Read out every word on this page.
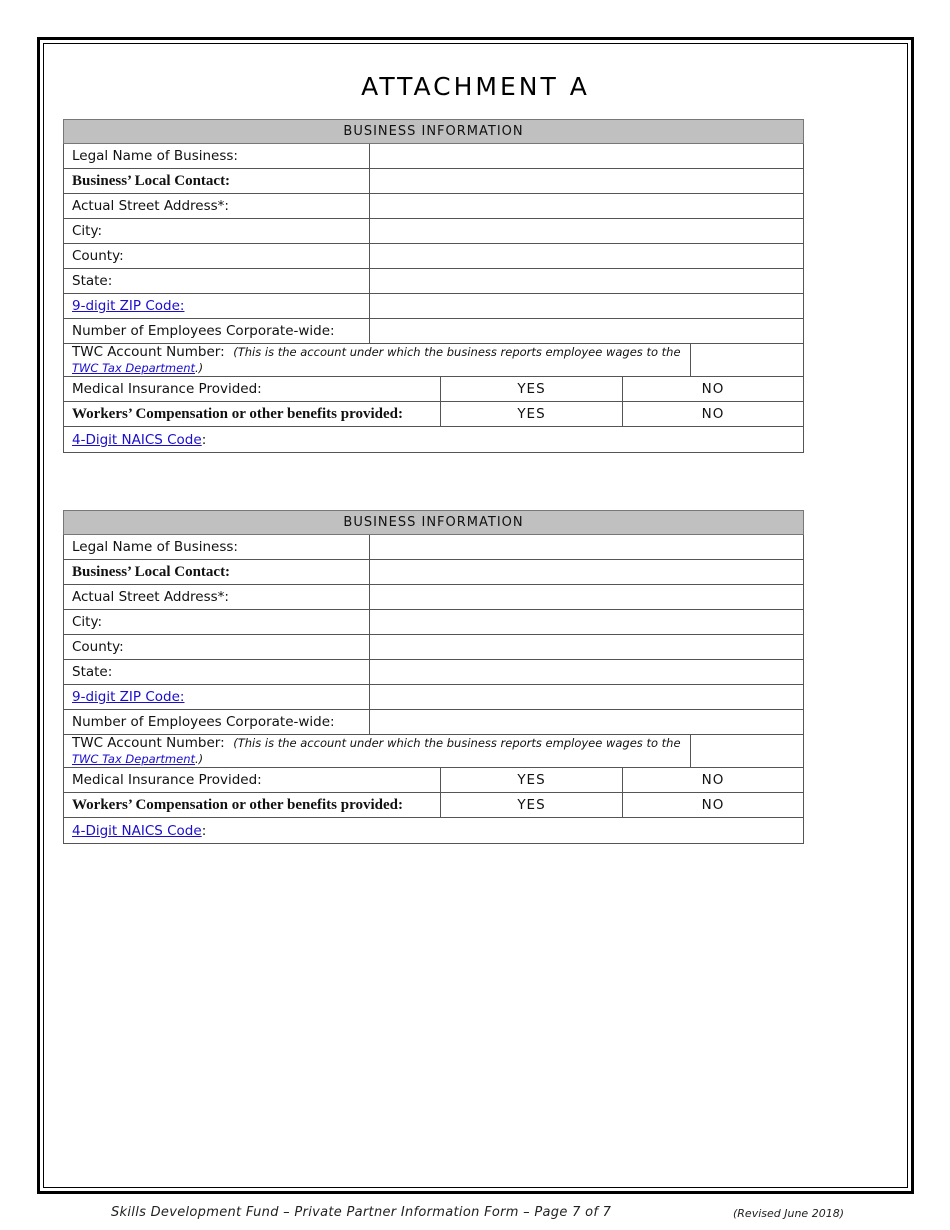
ATTACHMENT A
BUSINESS INFORMATION				
Legal Name of Business:				
Business’ Local Contact:				
Actual Street Address*:				
City:				
County:				
State:				
9-digit ZIP Code:				
Number of Employees Corporate-wide:				
TWC Account Number: (This is the account under which the business reports employee wages to the
TWC Tax Department.)				
Medical Insurance Provided:		YES	NO	
Workers’ Compensation or other benefits provided:		YES	NO	
4-Digit NAICS Code:				
BUSINESS INFORMATION				
Legal Name of Business:				
Business’ Local Contact:				
Actual Street Address*:				
City:				
County:				
State:				
9-digit ZIP Code:				
Number of Employees Corporate-wide:				
TWC Account Number: (This is the account under which the business reports employee wages to the
TWC Tax Department.)				
Medical Insurance Provided:		YES	NO	
Workers’ Compensation or other benefits provided:		YES	NO	
4-Digit NAICS Code:				
Skills Development Fund – Private Partner Information Form – Page 7 of 7	(Revised June 2018)
